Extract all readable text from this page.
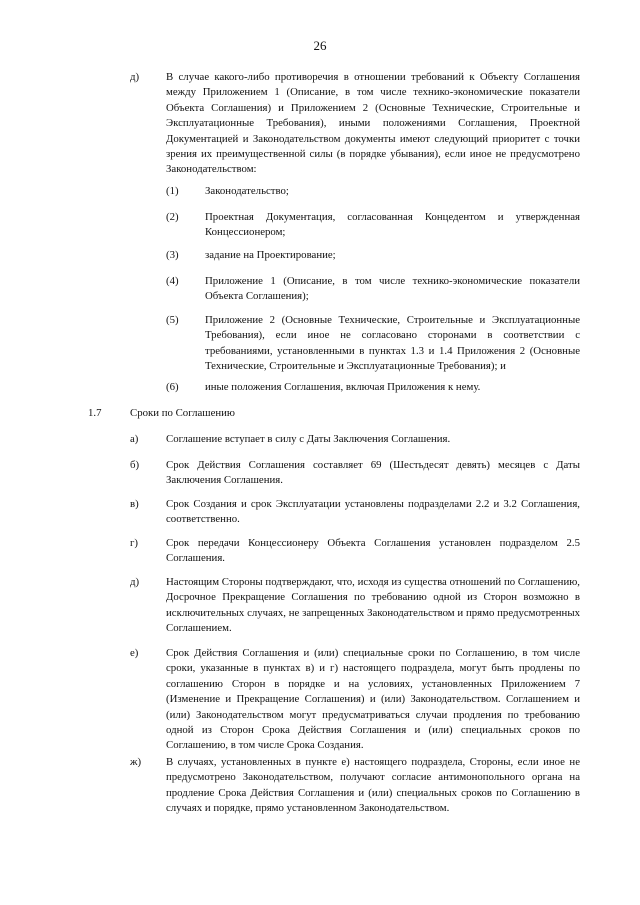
26
д) В случае какого-либо противоречия в отношении требований к Объекту Соглашения между Приложением 1 (Описание, в том числе технико-экономические показатели Объекта Соглашения) и Приложением 2 (Основные Технические, Строительные и Эксплуатационные Требования), иными положениями Соглашения, Проектной Документацией и Законодательством документы имеют следующий приоритет с точки зрения их преимущественной силы (в порядке убывания), если иное не предусмотрено Законодательством:
(1) Законодательство;
(2) Проектная Документация, согласованная Концедентом и утвержденная Концессионером;
(3) задание на Проектирование;
(4) Приложение 1 (Описание, в том числе технико-экономические показатели Объекта Соглашения);
(5) Приложение 2 (Основные Технические, Строительные и Эксплуатационные Требования), если иное не согласовано сторонами в соответствии с требованиями, установленными в пунктах 1.3 и 1.4 Приложения 2 (Основные Технические, Строительные и Эксплуатационные Требования); и
(6) иные положения Соглашения, включая Приложения к нему.
1.7	Сроки по Соглашению
а)	Соглашение вступает в силу с Даты Заключения Соглашения.
б) Срок Действия Соглашения составляет 69 (Шестьдесят девять) месяцев с Даты Заключения Соглашения.
в)	Срок Создания и срок Эксплуатации установлены подразделами 2.2 и 3.2 Соглашения, соответственно.
г)	Срок передачи Концессионеру Объекта Соглашения установлен подразделом 2.5 Соглашения.
д) Настоящим Стороны подтверждают, что, исходя из существа отношений по Соглашению, Досрочное Прекращение Соглашения по требованию одной из Сторон возможно в исключительных случаях, не запрещенных Законодательством и прямо предусмотренных Соглашением.
е)	Срок Действия Соглашения и (или) специальные сроки по Соглашению, в том числе сроки, указанные в пунктах в) и г) настоящего подраздела, могут быть продлены по соглашению Сторон в порядке и на условиях, установленных Приложением 7 (Изменение и Прекращение Соглашения) и (или) Законодательством. Соглашением и (или) Законодательством могут предусматриваться случаи продления по требованию одной из Сторон Срока Действия Соглашения и (или) специальных сроков по Соглашению, в том числе Срока Создания.
ж) В случаях, установленных в пункте е) настоящего подраздела, Стороны, если иное не предусмотрено Законодательством, получают согласие антимонопольного органа на продление Срока Действия Соглашения и (или) специальных сроков по Соглашению в случаях и порядке, прямо установленном Законодательством.
